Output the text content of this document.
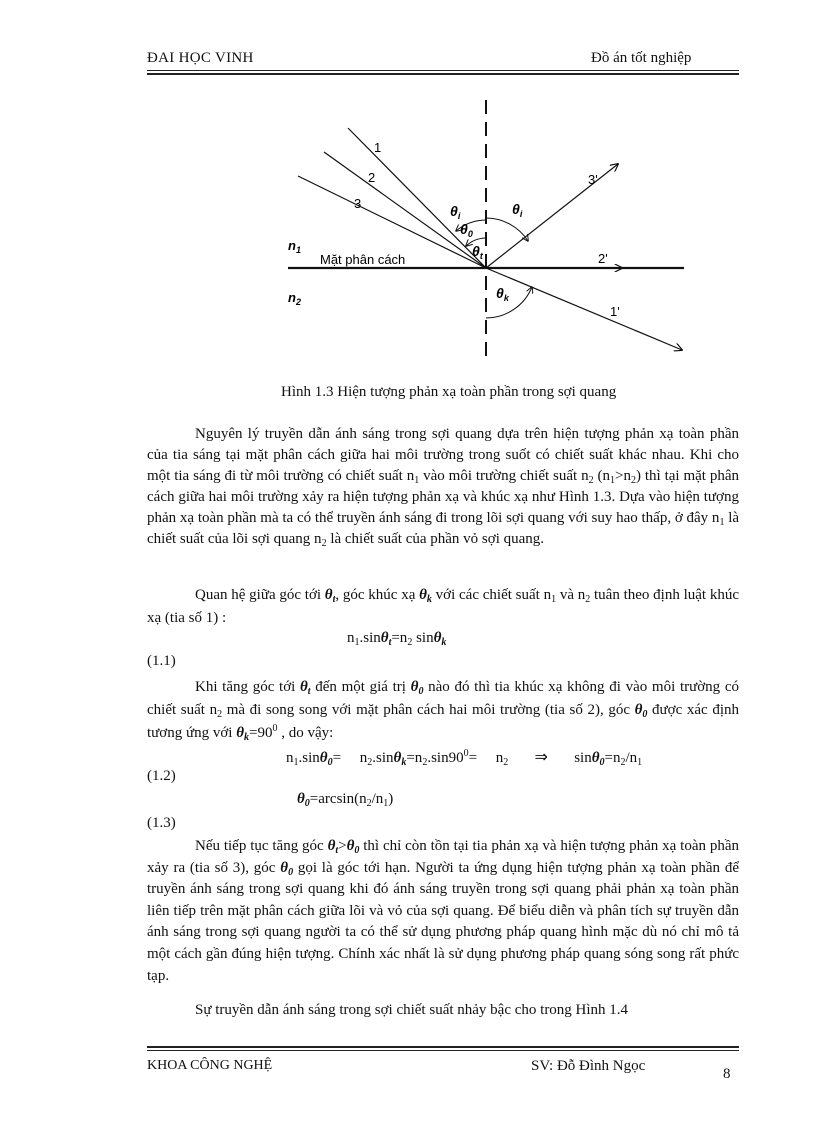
ĐAI HỌC VINH	Đồ án tốt nghiệp
1
2
3
3'
2'
1'
$n_1$
$n_2$
Mặt phân cách
$\theta_i$	$\theta_i$
$\theta_0$
$\theta_t$
$\theta_k$
Hình 1.3 Hiện tượng phản xạ toàn phần trong sợi quang

Nguyên lý truyền dẫn ánh sáng trong sợi quang dựa trên hiện tượng phản xạ toàn phần của tia sáng tại mặt phân cách giữa hai môi trường trong suốt có chiết suất khác nhau. Khi cho một tia sáng đi từ môi trường có chiết suất $n_1$ vào môi trường chiết suất $n_2$ $(n_1>n_2)$ thì tại mặt phân cách giữa hai môi trường xảy ra hiện tượng phản xạ và khúc xạ như Hình 1.3. Dựa vào hiện tượng phản xạ toàn phần mà ta có thể truyền ánh sáng đi trong lõi sợi quang với suy hao thấp, ở đây $n_1$ là chiết suất của lõi sợi quang $n_2$ là chiết suất của phần vỏ sợi quang.

Quan hệ giữa góc tới $\theta_t$, góc khúc xạ $\theta_k$ với các chiết suất $n_1$ và $n_2$ tuân theo định luật khúc xạ (tia số 1) :

$n_1.\sin\theta_t=n_2$ sinθ$_k$
(1.1)

Khi tăng góc tới $\theta_t$ đến một giá trị $\theta_0$ nào đó thì tia khúc xạ không đi vào môi trường có chiết suất $n_2$ mà đi song song với mặt phân cách hai môi trường (tia số 2), góc $\theta_0$ được xác định tương ứng với $\theta_k=90^0$ , do vậy:

$n_1.\sin\theta_0= n_2.\sin\theta_k=n_2.\sin 90^0= n_2$ ⇒ $\sin\theta_0=n_2/n_1$
(1.2)
$\theta_0=\arcsin(n_2/n_1)$
(1.3)

Nếu tiếp tục tăng góc $\theta_t>\theta_0$ thì chỉ còn tồn tại tia phản xạ và hiện tượng phản xạ toàn phần xảy ra (tia số 3), góc $\theta_0$ gọi là góc tới hạn. Người ta ứng dụng hiện tượng phản xạ toàn phần để truyền ánh sáng trong sợi quang khi đó ánh sáng truyền trong sợi quang phải phản xạ toàn phần liên tiếp trên mặt phân cách giữa lõi và vỏ của sợi quang. Để biểu diễn và phân tích sự truyền dẫn ánh sáng trong sợi quang người ta có thể sử dụng phương pháp quang hình mặc dù nó chỉ mô tả một cách gần đúng hiện tượng. Chính xác nhất là sử dụng phương pháp quang sóng song rất phức tạp.

Sự truyền dẫn ánh sáng trong sợi chiết suất nhảy bậc cho trong Hình 1.4

KHOA CÔNG NGHỆ	SV: Đỗ Đình Ngọc	8
